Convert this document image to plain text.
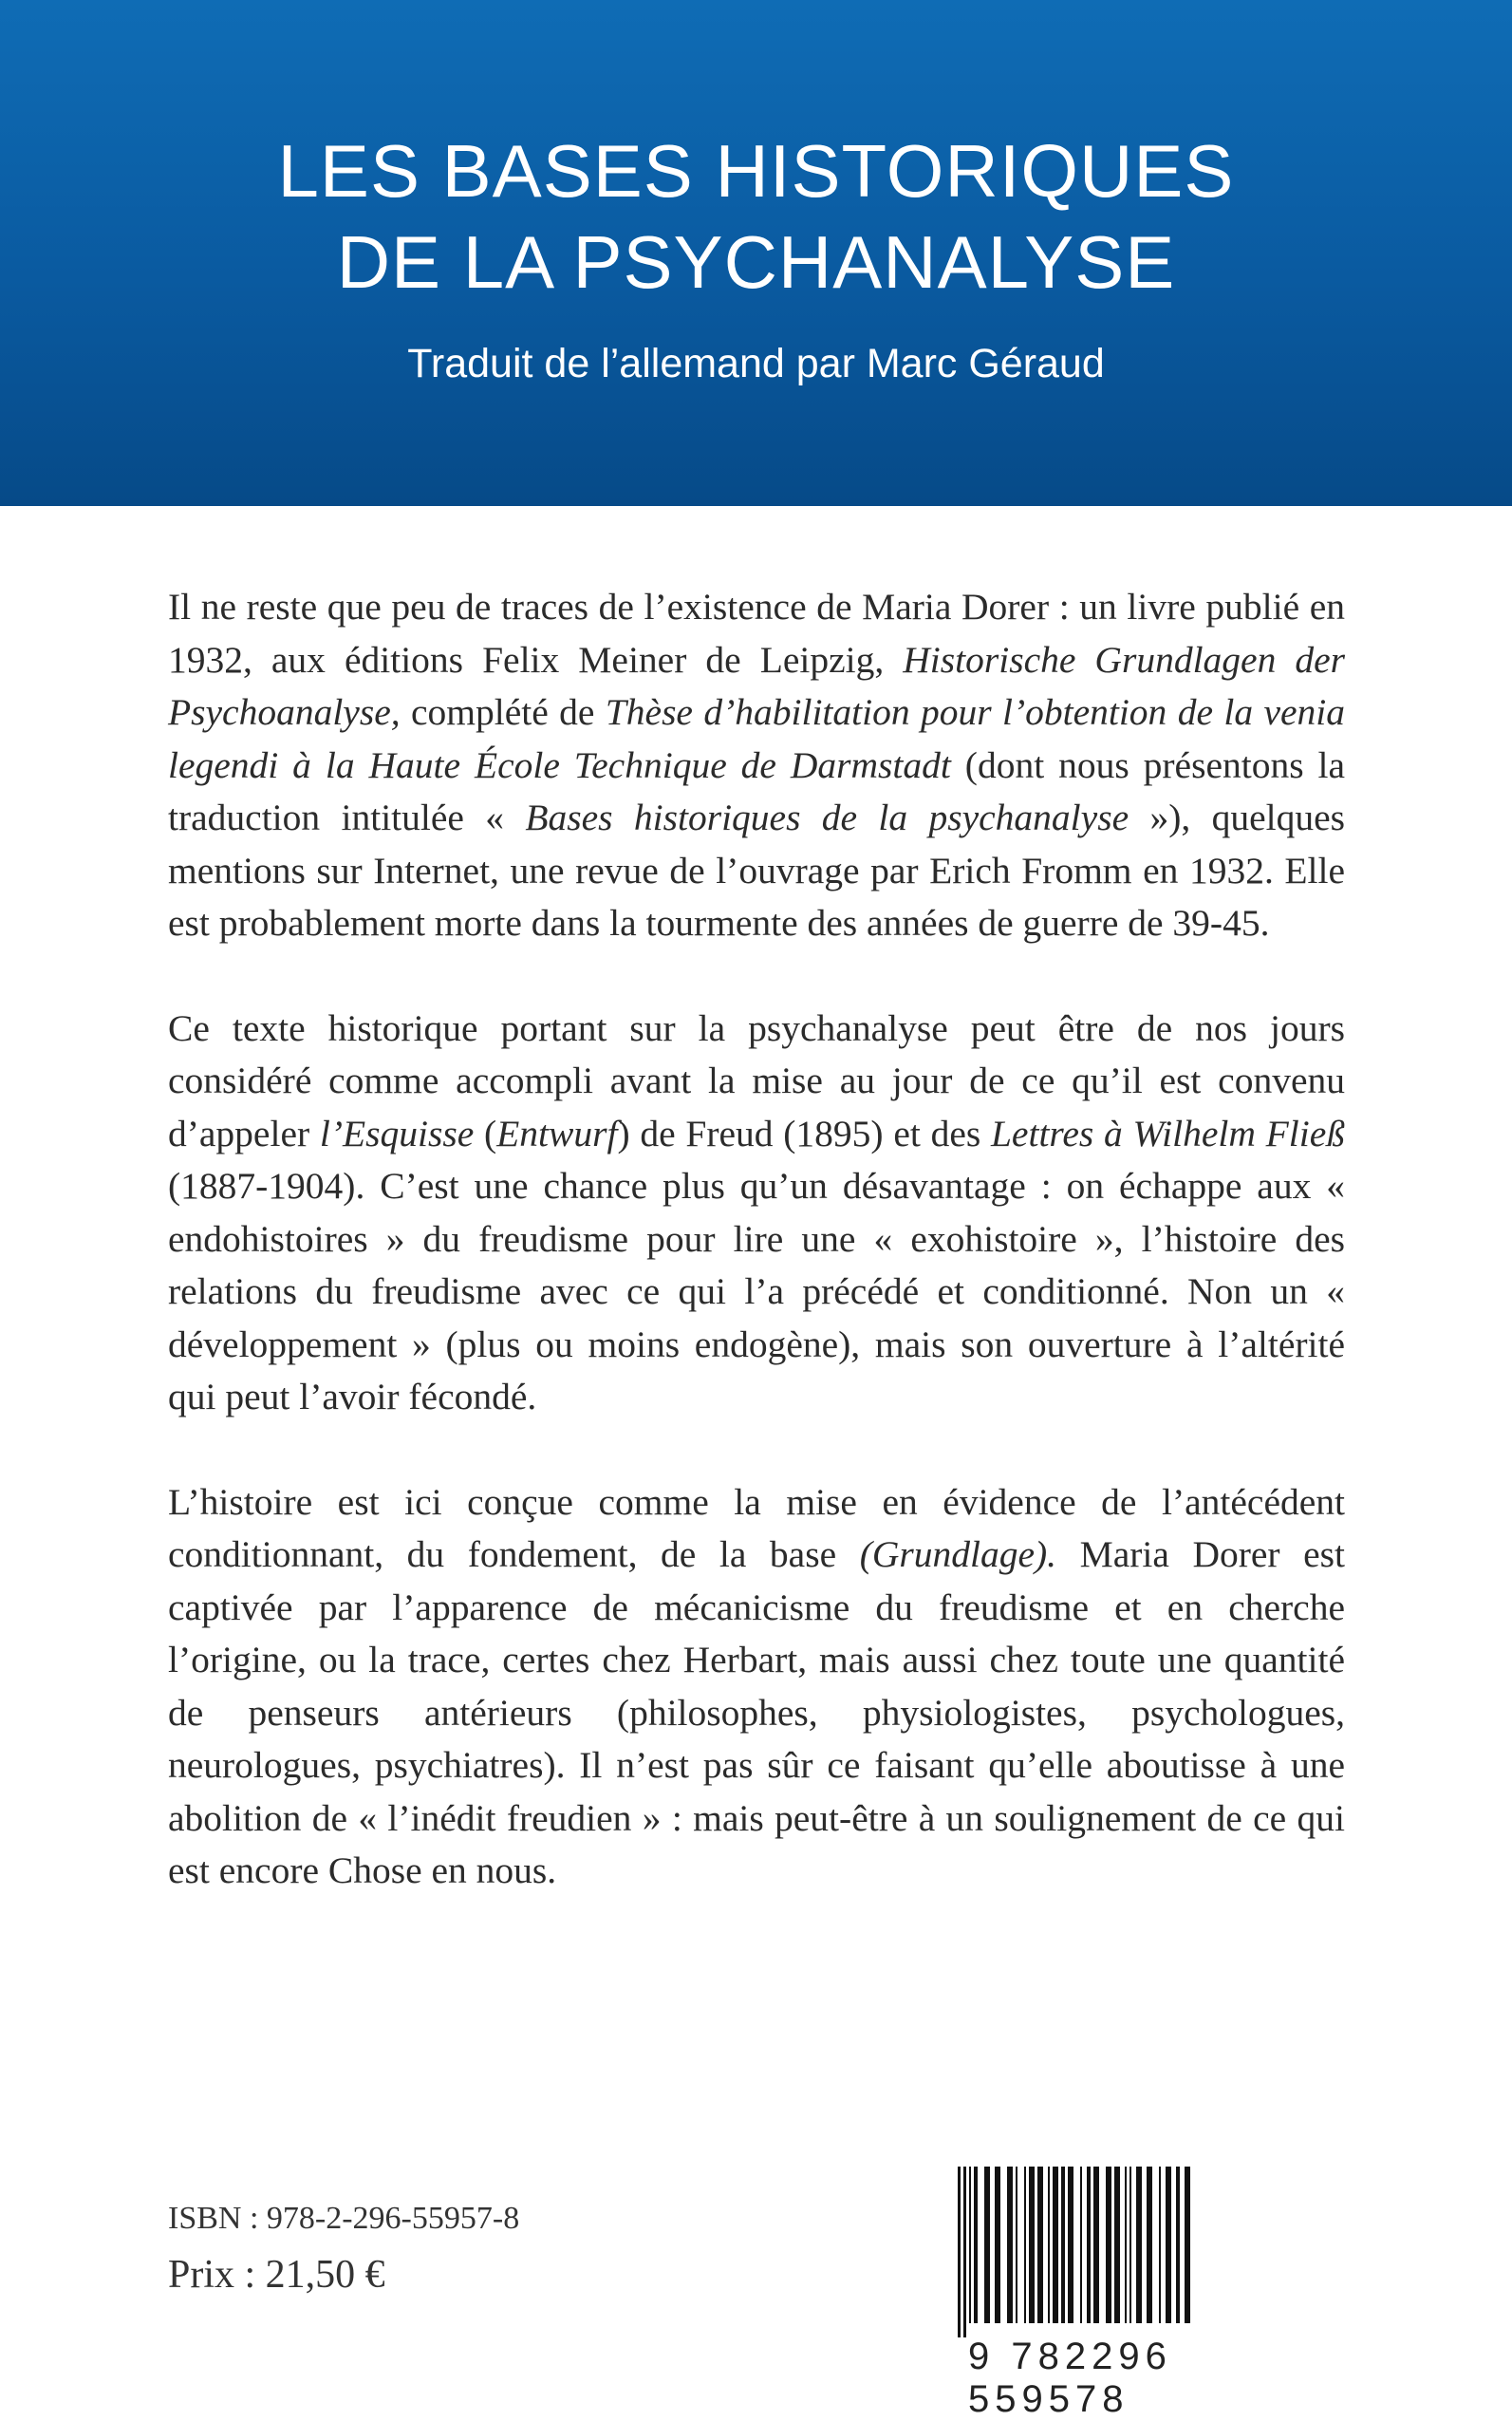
LES BASES HISTORIQUES
DE LA PSYCHANALYSE
Traduit de l’allemand par Marc Géraud

Il ne reste que peu de traces de l’existence de Maria Dorer : un livre publié en 1932, aux éditions Felix Meiner de Leipzig, Historische Grundlagen der Psychoanalyse, complété de Thèse d’habilitation pour l’obtention de la venia legendi à la Haute École Technique de Darmstadt (dont nous présentons la traduction intitulée « Bases historiques de la psychanalyse »), quelques mentions sur Internet, une revue de l’ouvrage par Erich Fromm en 1932. Elle est probablement morte dans la tourmente des années de guerre de 39-45.

Ce texte historique portant sur la psychanalyse peut être de nos jours considéré comme accompli avant la mise au jour de ce qu’il est convenu d’appeler l’Esquisse (Entwurf) de Freud (1895) et des Lettres à Wilhelm Fließ (1887-1904). C’est une chance plus qu’un désavantage : on échappe aux « endohistoires » du freudisme pour lire une « exohistoire », l’histoire des relations du freudisme avec ce qui l’a précédé et conditionné. Non un « développement » (plus ou moins endogène), mais son ouverture à l’altérité qui peut l’avoir fécondé.

L’histoire est ici conçue comme la mise en évidence de l’antécédent conditionnant, du fondement, de la base (Grundlage). Maria Dorer est captivée par l’apparence de mécanicisme du freudisme et en cherche l’origine, ou la trace, certes chez Herbart, mais aussi chez toute une quantité de penseurs antérieurs (philosophes, physiologistes, psychologues, neurologues, psychiatres). Il n’est pas sûr ce faisant qu’elle aboutisse à une abolition de « l’inédit freudien » : mais peut-être à un soulignement de ce qui est encore Chose en nous.

ISBN : 978-2-296-55957-8
Prix : 21,50 €
9 782296 559578
